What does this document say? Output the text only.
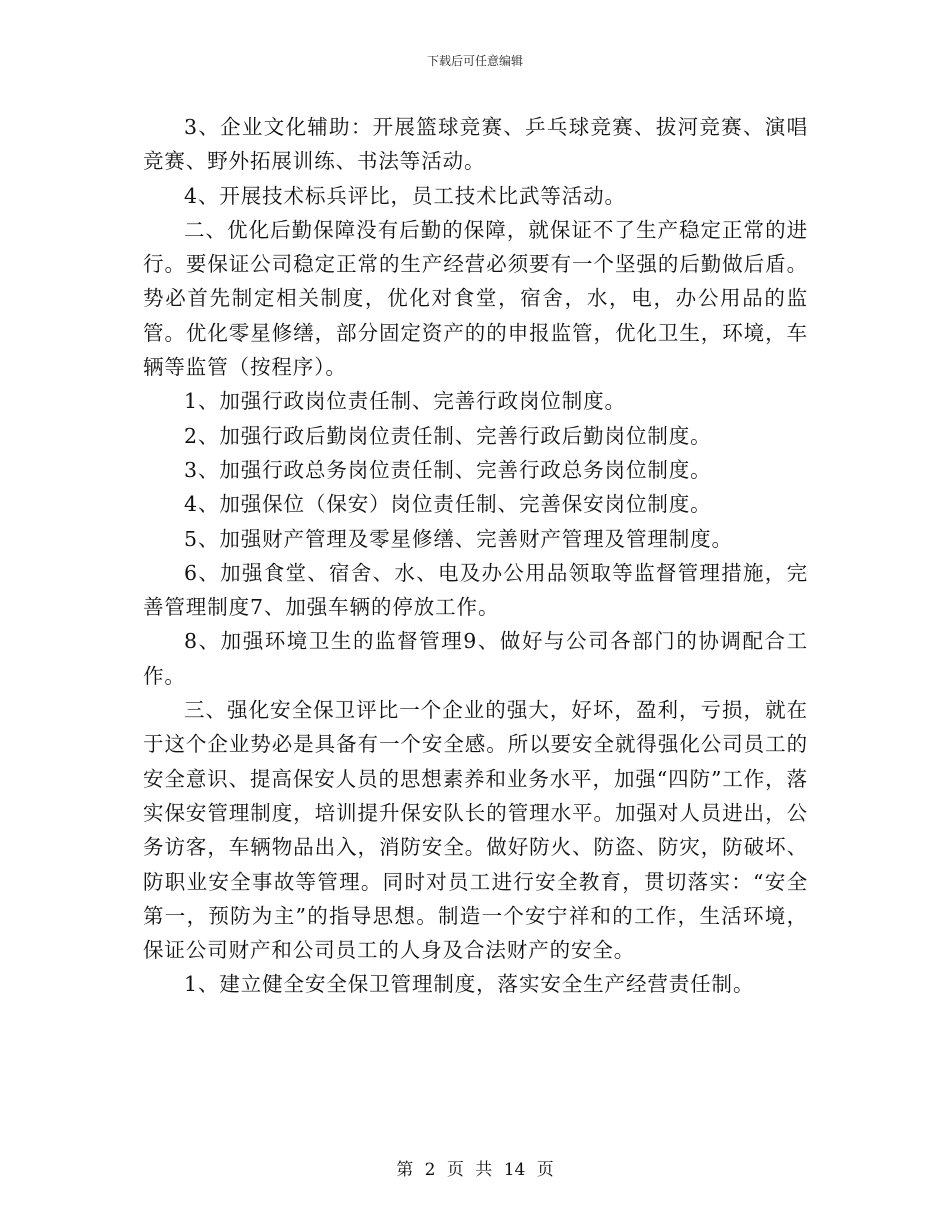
下载后可任意编辑

3、企业文化辅助：开展篮球竞赛、乒乓球竞赛、拔河竞赛、演唱竞赛、野外拓展训练、书法等活动。

4、开展技术标兵评比，员工技术比武等活动。

二、优化后勤保障没有后勤的保障，就保证不了生产稳定正常的进行。要保证公司稳定正常的生产经营必须要有一个坚强的后勤做后盾。势必首先制定相关制度，优化对食堂，宿舍，水，电，办公用品的监管。优化零星修缮，部分固定资产的的申报监管，优化卫生，环境，车辆等监管（按程序）。

1、加强行政岗位责任制、完善行政岗位制度。

2、加强行政后勤岗位责任制、完善行政后勤岗位制度。

3、加强行政总务岗位责任制、完善行政总务岗位制度。

4、加强保位（保安）岗位责任制、完善保安岗位制度。

5、加强财产管理及零星修缮、完善财产管理及管理制度。

6、加强食堂、宿舍、水、电及办公用品领取等监督管理措施，完善管理制度7、加强车辆的停放工作。

8、加强环境卫生的监督管理9、做好与公司各部门的协调配合工作。

三、强化安全保卫评比一个企业的强大，好坏，盈利，亏损，就在于这个企业势必是具备有一个安全感。所以要安全就得强化公司员工的安全意识、提高保安人员的思想素养和业务水平，加强“四防”工作，落实保安管理制度，培训提升保安队长的管理水平。加强对人员进出，公务访客，车辆物品出入，消防安全。做好防火、防盗、防灾，防破坏、防职业安全事故等管理。同时对员工进行安全教育，贯切落实：“安全第一，预防为主”的指导思想。制造一个安宁祥和的工作，生活环境，保证公司财产和公司员工的人身及合法财产的安全。

1、建立健全安全保卫管理制度，落实安全生产经营责任制。

第 2 页 共 14 页
